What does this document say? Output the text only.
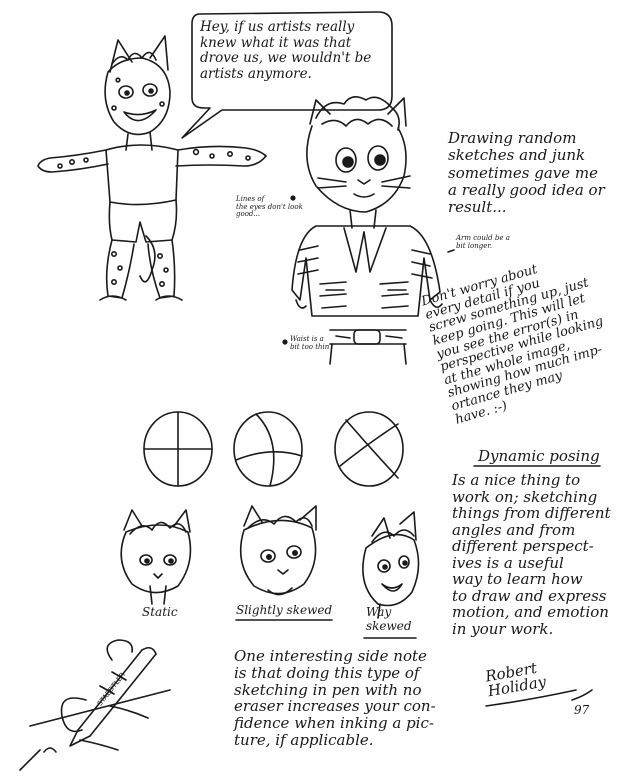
Hey, if us artists really
knew what it was that
drove us, we wouldn't be
artists anymore.
Drawing random
sketches and junk
sometimes gave me
a really good idea or
result...
Lines of
the eyes don't look
good...
Arm could be a
bit longer.
Waist is a
bit too thin
Don't worry about
every detail if you
screw something up, just
keep going. This will let
you see the error(s) in
perspective while looking
at the whole image,
showing how much imp-
ortance they may
have. :-)
Dynamic posing
Is a nice thing to
work on; sketching
things from different
angles and from
different perspect-
ives is a useful
way to learn how
to draw and express
motion, and emotion
in your work.
Static	Slightly skewed	Way
skewed
One interesting side note
is that doing this type of
sketching in pen with no
eraser increases your con-
fidence when inking a pic-
ture, if applicable.
Robert
Holiday
97
STAEDTLER
